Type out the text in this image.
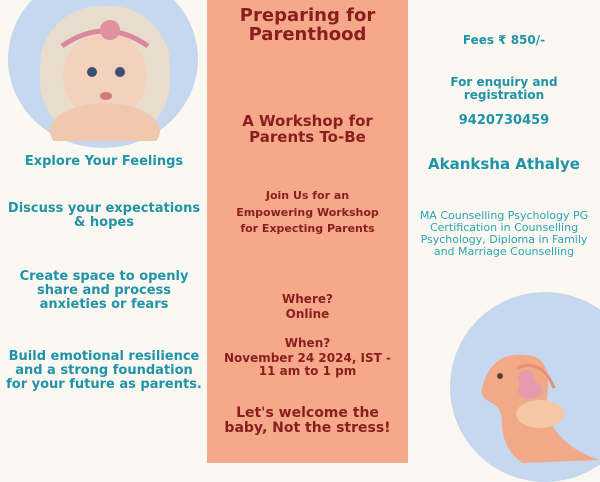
Explore Your Feelings
Discuss your expectations & hopes
Create space to openly share and process anxieties or fears
Build emotional resilience and a strong foundation for your future as parents.
Preparing for Parenthood
A Workshop for Parents To-Be
Join Us for an Empowering Workshop for Expecting Parents
Where?
Online
When?
November 24 2024, IST - 11 am to 1 pm
Let's welcome the baby, Not the stress!
Fees ₹ 850/-
For enquiry and registration
9420730459
Akanksha Athalye
MA Counselling Psychology PG Certification in Counselling Psychology, Diploma in Family and Marriage Counselling
